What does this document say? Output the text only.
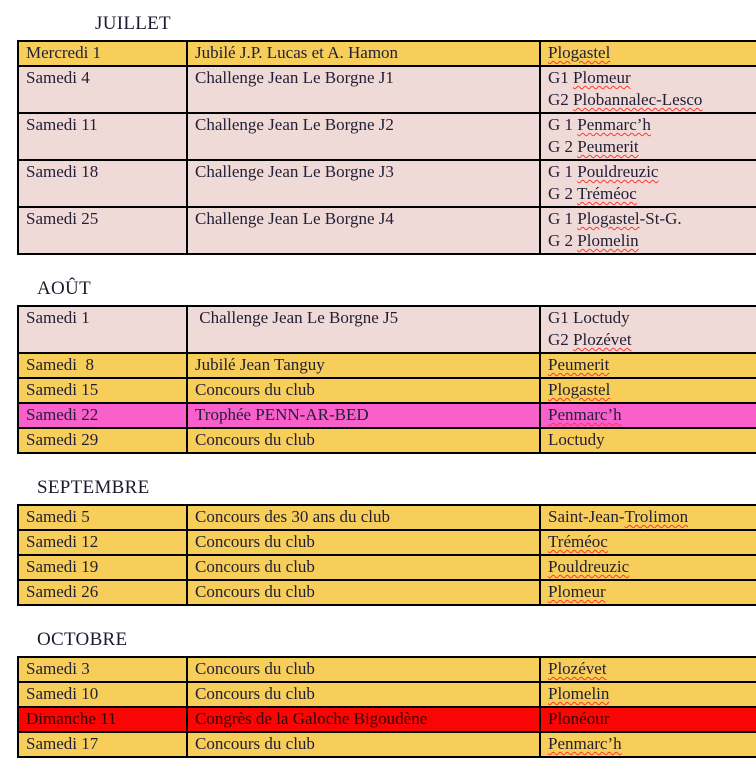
JUILLET
Mercredi 1	Jubilé J.P. Lucas et A. Hamon	Plogastel

Samedi 4	Challenge Jean Le Borgne J1	G1 Plomeur
G2 Plobannalec-Lesco

Samedi 11	Challenge Jean Le Borgne J2	G 1 Penmarc’h
G 2 Peumerit

Samedi 18	Challenge Jean Le Borgne J3	G 1 Pouldreuzic
G 2 Tréméoc

Samedi 25	Challenge Jean Le Borgne J4	G 1 Plogastel-St-G.
G 2 Plomelin
AOÛT
Samedi 1	Challenge Jean Le Borgne J5	G1 Loctudy
G2 Plozévet

Samedi  8	Jubilé Jean Tanguy	Peumerit

Samedi 15	Concours du club	Plogastel

Samedi 22	Trophée PENN-AR-BED	Penmarc’h

Samedi 29	Concours du club	Loctudy
SEPTEMBRE
Samedi 5	Concours des 30 ans du club	Saint-Jean-Trolimon

Samedi 12	Concours du club	Tréméoc

Samedi 19	Concours du club	Pouldreuzic

Samedi 26	Concours du club	Plomeur
OCTOBRE
Samedi 3	Concours du club	Plozévet

Samedi 10	Concours du club	Plomelin

Dimanche 11	Congrès de la Galoche Bigoudène	Plonéour

Samedi 17	Concours du club	Penmarc’h
